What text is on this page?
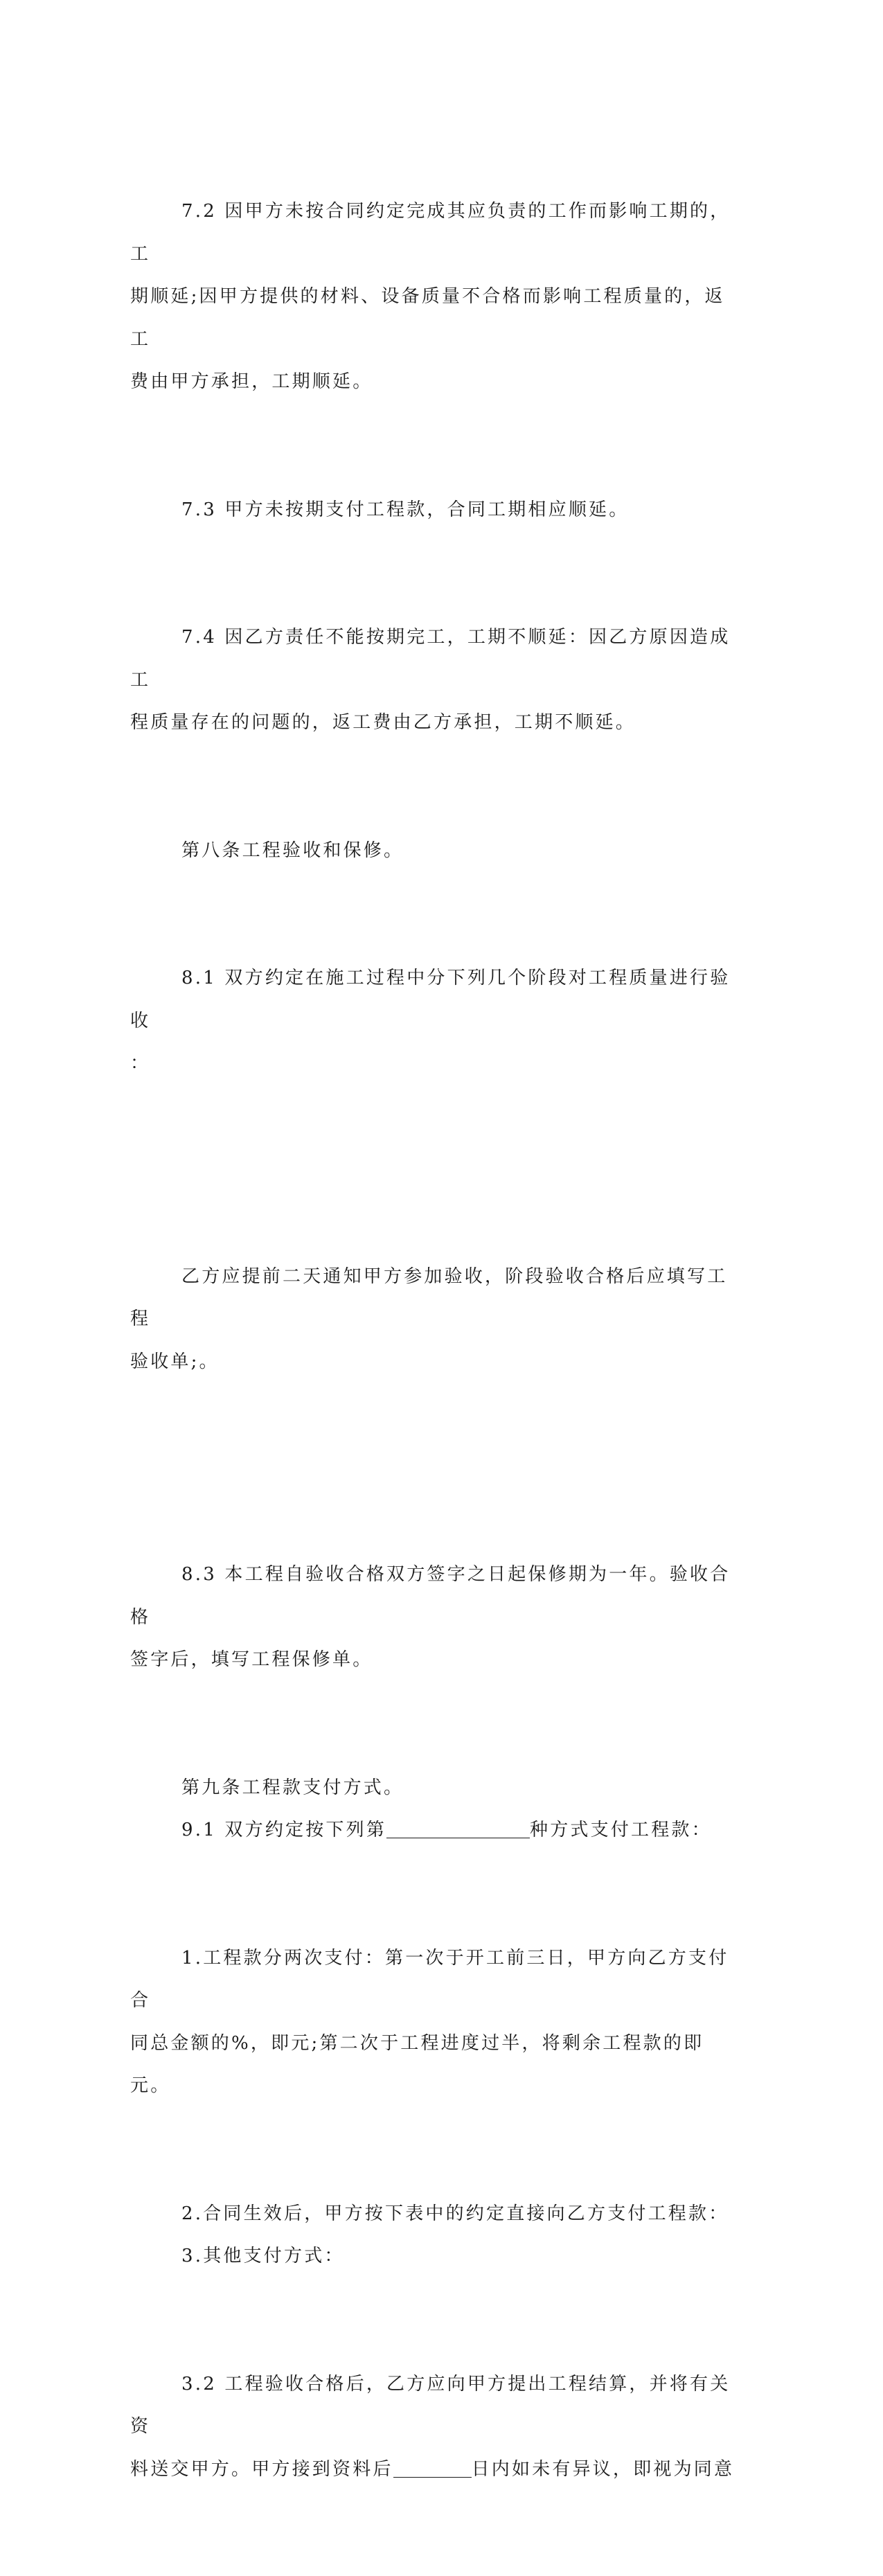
7.2 因甲方未按合同约定完成其应负责的工作而影响工期的，工
期顺延;因甲方提供的材料、设备质量不合格而影响工程质量的，返工
费由甲方承担，工期顺延。

7.3 甲方未按期支付工程款，合同工期相应顺延。

7.4 因乙方责任不能按期完工，工期不顺延：因乙方原因造成工
程质量存在的问题的，返工费由乙方承担，工期不顺延。

第八条工程验收和保修。

8.1 双方约定在施工过程中分下列几个阶段对工程质量进行验收
：

乙方应提前二天通知甲方参加验收，阶段验收合格后应填写工程
验收单;。

8.3 本工程自验收合格双方签字之日起保修期为一年。验收合格
签字后，填写工程保修单。

第九条工程款支付方式。

9.1 双方约定按下列第	种方式支付工程款：

1.工程款分两次支付：第一次于开工前三日，甲方向乙方支付合
同总金额的%，即元;第二次于工程进度过半，将剩余工程款的即元。

2.合同生效后，甲方按下表中的约定直接向乙方支付工程款：

3.其他支付方式：

3.2 工程验收合格后，乙方应向甲方提出工程结算，并将有关资
料送交甲方。甲方接到资料后	日内如未有异议，即视为同意
